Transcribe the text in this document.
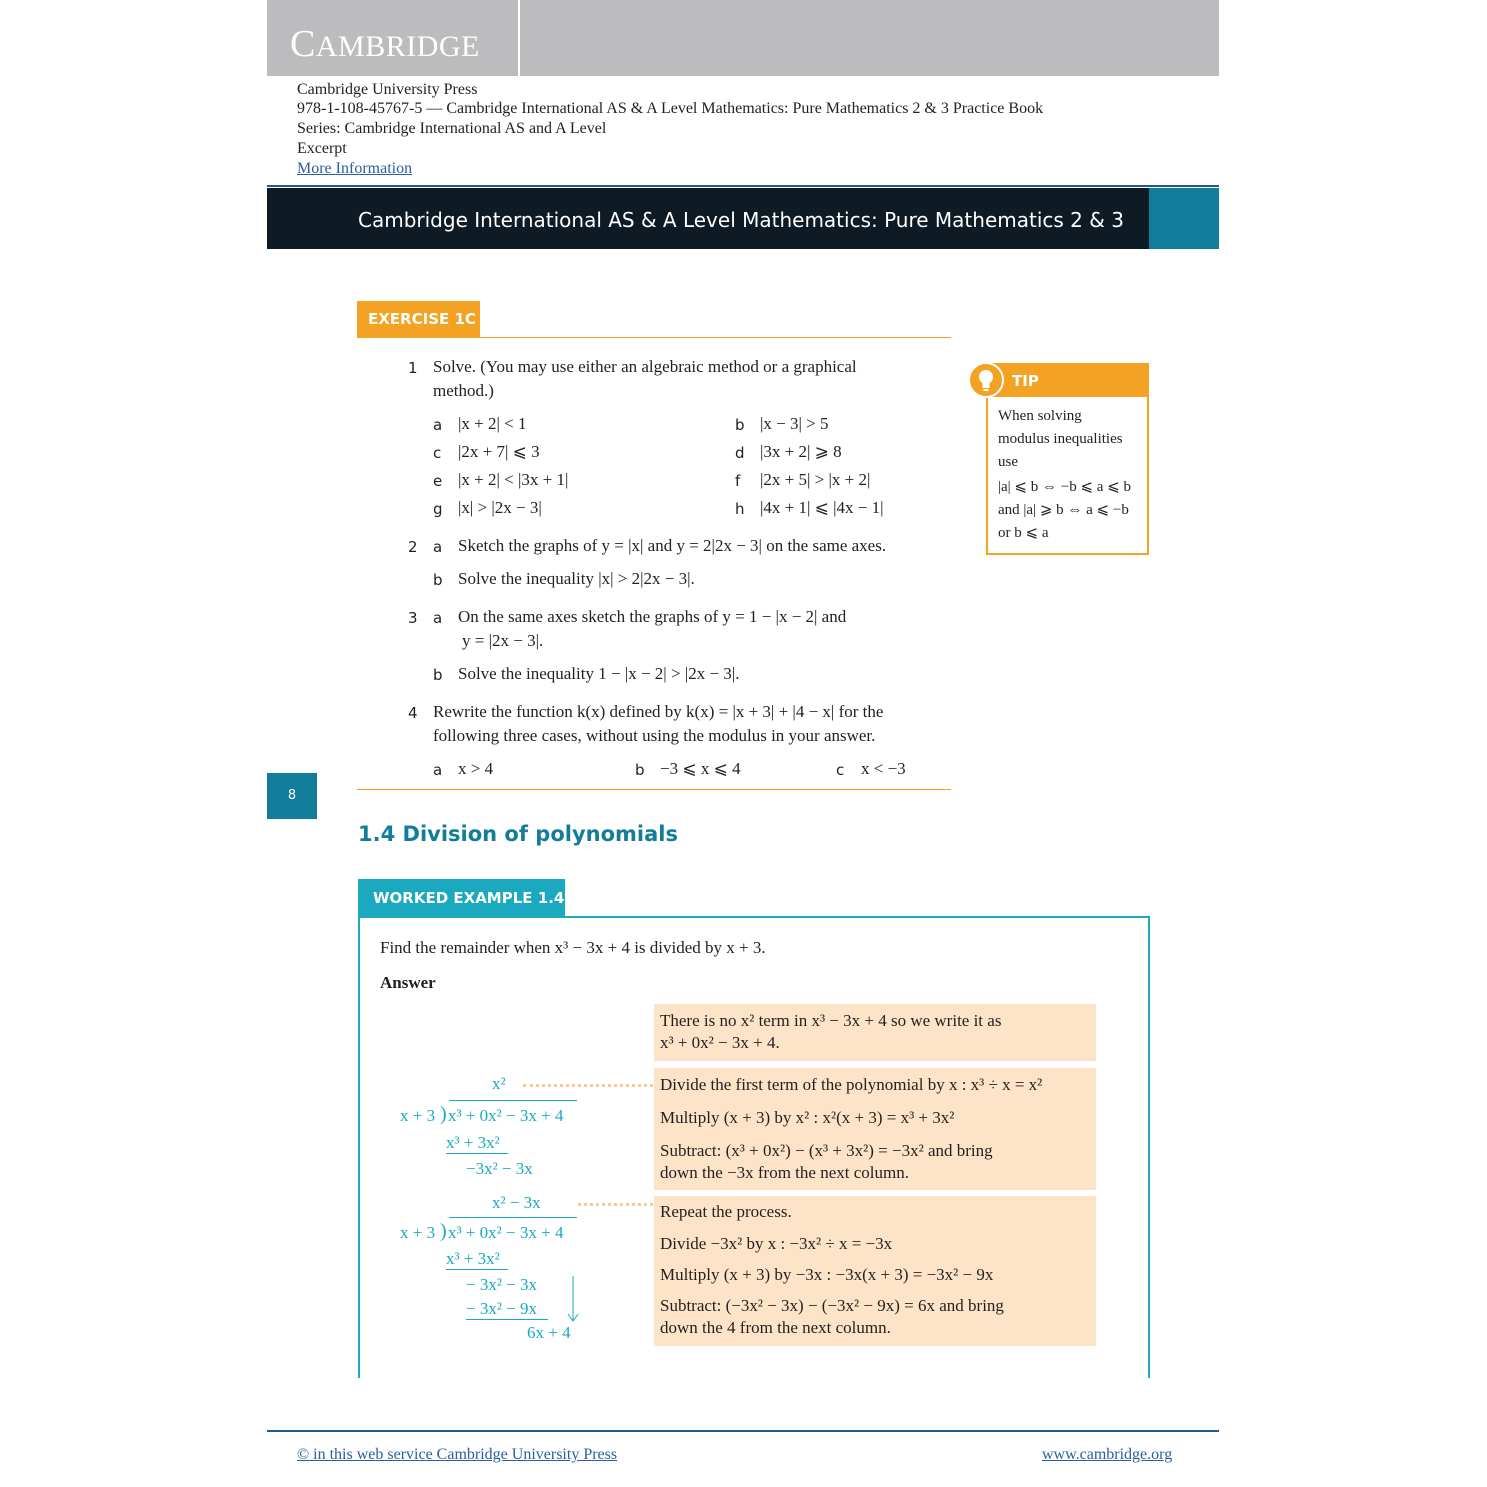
CAMBRIDGE
Cambridge University Press
978-1-108-45767-5 — Cambridge International AS & A Level Mathematics: Pure Mathematics 2 & 3 Practice Book
Series: Cambridge International AS and A Level
Excerpt
More Information
Cambridge International AS & A Level Mathematics: Pure Mathematics 2 & 3
EXERCISE 1C
1 Solve. (You may use either an algebraic method or a graphical
method.)
a |x + 2| < 1	b |x − 3| > 5
c |2x + 7| ⩽ 3	d |3x + 2| ⩾ 8
e |x + 2| < |3x + 1|	f |2x + 5| > |x + 2|
g |x| > |2x − 3|	h |4x + 1| ⩽ |4x − 1|
2 a Sketch the graphs of y = |x| and y = 2|2x − 3| on the same axes.
b Solve the inequality |x| > 2|2x − 3|.
3 a On the same axes sketch the graphs of y = 1 − |x − 2| and
y = |2x − 3|.
b Solve the inequality 1 − |x − 2| > |2x − 3|.
4 Rewrite the function k(x) defined by k(x) = |x + 3| + |4 − x| for the
following three cases, without using the modulus in your answer.
a x > 4	b −3 ⩽ x ⩽ 4	c x < −3
TIP
When solving
modulus inequalities
use
|a| ⩽ b ⇔ −b ⩽ a ⩽ b
and |a| ⩾ b ⇔ a ⩽ −b
or b ⩽ a
8
1.4 Division of polynomials
WORKED EXAMPLE 1.4
Find the remainder when x³ − 3x + 4 is divided by x + 3.
Answer
There is no x² term in x³ − 3x + 4 so we write it as
x³ + 0x² − 3x + 4.
Divide the first term of the polynomial by x : x³ ÷ x = x²
Multiply (x + 3) by x² : x²(x + 3) = x³ + 3x²
Subtract: (x³ + 0x²) − (x³ + 3x²) = −3x² and bring
down the −3x from the next column.
Repeat the process.
Divide −3x² by x : −3x² ÷ x = −3x
Multiply (x + 3) by −3x : −3x(x + 3) = −3x² − 9x
Subtract: (−3x² − 3x) − (−3x² − 9x) = 6x and bring
down the 4 from the next column.
x²
x + 3 ) x³ + 0x² − 3x + 4
x³ + 3x²
−3x² − 3x
x² − 3x
x + 3 ) x³ + 0x² − 3x + 4
x³ + 3x²
− 3x² − 3x
− 3x² − 9x
6x + 4
© in this web service Cambridge University Press	www.cambridge.org
